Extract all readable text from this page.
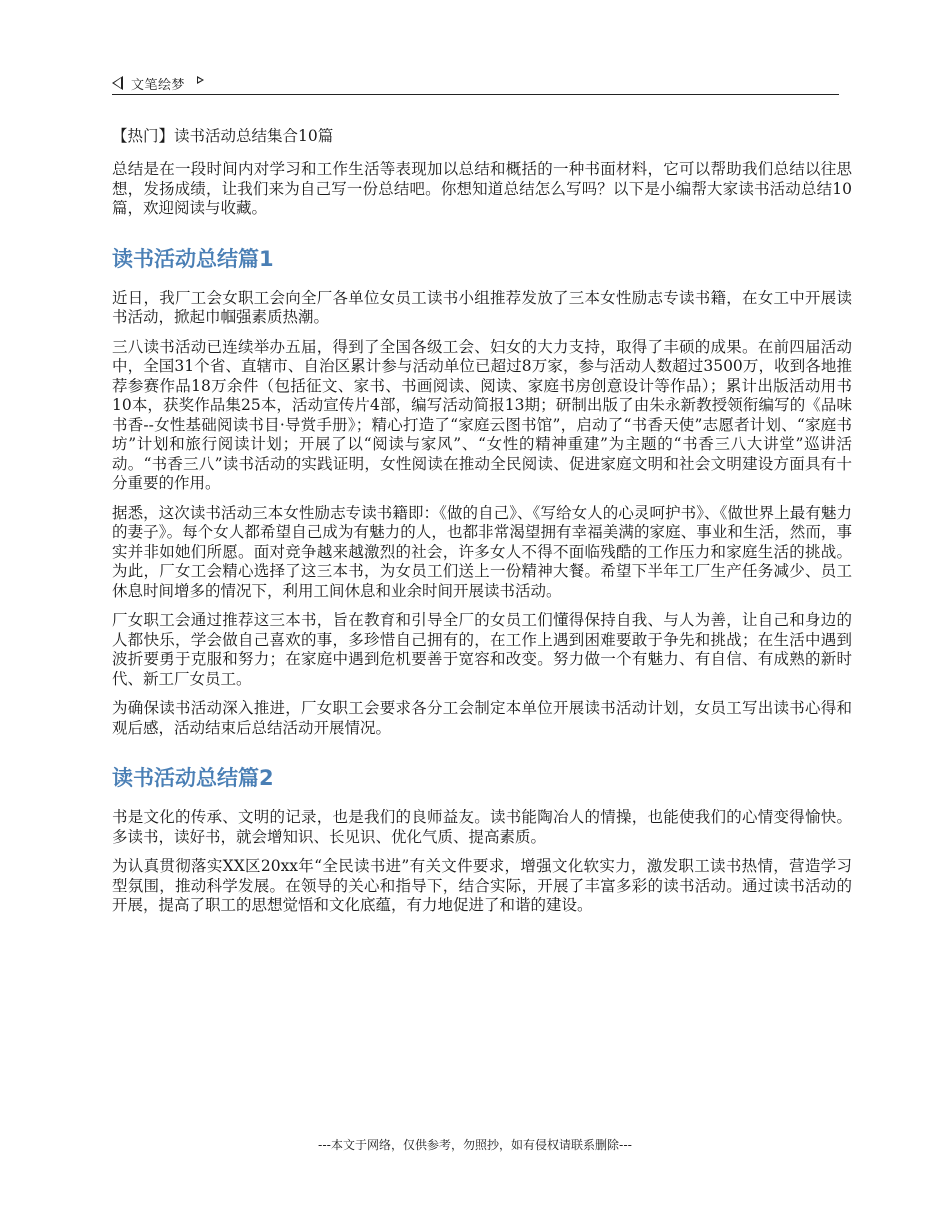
文笔绘梦
【热门】读书活动总结集合10篇

总结是在一段时间内对学习和工作生活等表现加以总结和概括的一种书面材料，它可以帮助我们总结以往思想，发扬成绩，让我们来为自己写一份总结吧。你想知道总结怎么写吗？以下是小编帮大家读书活动总结10篇，欢迎阅读与收藏。

读书活动总结篇1

近日，我厂工会女职工会向全厂各单位女员工读书小组推荐发放了三本女性励志专读书籍，在女工中开展读书活动，掀起巾帼强素质热潮。

三八读书活动已连续举办五届，得到了全国各级工会、妇女的大力支持，取得了丰硕的成果。在前四届活动中，全国31个省、直辖市、自治区累计参与活动单位已超过8万家，参与活动人数超过3500万，收到各地推荐参赛作品18万余件（包括征文、家书、书画阅读、阅读、家庭书房创意设计等作品）；累计出版活动用书10本，获奖作品集25本，活动宣传片4部，编写活动简报13期；研制出版了由朱永新教授领衔编写的《品味书香--女性基础阅读书目·导赏手册》；精心打造了“家庭云图书馆”，启动了“书香天使”志愿者计划、“家庭书坊”计划和旅行阅读计划；开展了以“阅读与家风”、“女性的精神重建”为主题的“书香三八大讲堂”巡讲活动。“书香三八”读书活动的实践证明，女性阅读在推动全民阅读、促进家庭文明和社会文明建设方面具有十分重要的作用。

据悉，这次读书活动三本女性励志专读书籍即：《做的自己》、《写给女人的心灵呵护书》、《做世界上最有魅力的妻子》。每个女人都希望自己成为有魅力的人，也都非常渴望拥有幸福美满的家庭、事业和生活，然而，事实并非如她们所愿。面对竞争越来越激烈的社会，许多女人不得不面临残酷的工作压力和家庭生活的挑战。为此，厂女工会精心选择了这三本书，为女员工们送上一份精神大餐。希望下半年工厂生产任务减少、员工休息时间增多的情况下，利用工间休息和业余时间开展读书活动。

厂女职工会通过推荐这三本书，旨在教育和引导全厂的女员工们懂得保持自我、与人为善，让自己和身边的人都快乐，学会做自己喜欢的事，多珍惜自己拥有的，在工作上遇到困难要敢于争先和挑战；在生活中遇到波折要勇于克服和努力；在家庭中遇到危机要善于宽容和改变。努力做一个有魅力、有自信、有成熟的新时代、新工厂女员工。

为确保读书活动深入推进，厂女职工会要求各分工会制定本单位开展读书活动计划，女员工写出读书心得和观后感，活动结束后总结活动开展情况。

读书活动总结篇2

书是文化的传承、文明的记录，也是我们的良师益友。读书能陶冶人的情操，也能使我们的心情变得愉快。多读书，读好书，就会增知识、长见识、优化气质、提高素质。

为认真贯彻落实XX区20xx年“全民读书进”有关文件要求，增强文化软实力，激发职工读书热情，营造学习型氛围，推动科学发展。在领导的关心和指导下，结合实际，开展了丰富多彩的读书活动。通过读书活动的开展，提高了职工的思想觉悟和文化底蕴，有力地促进了和谐的建设。

---本文于网络，仅供参考，勿照抄，如有侵权请联系删除---
